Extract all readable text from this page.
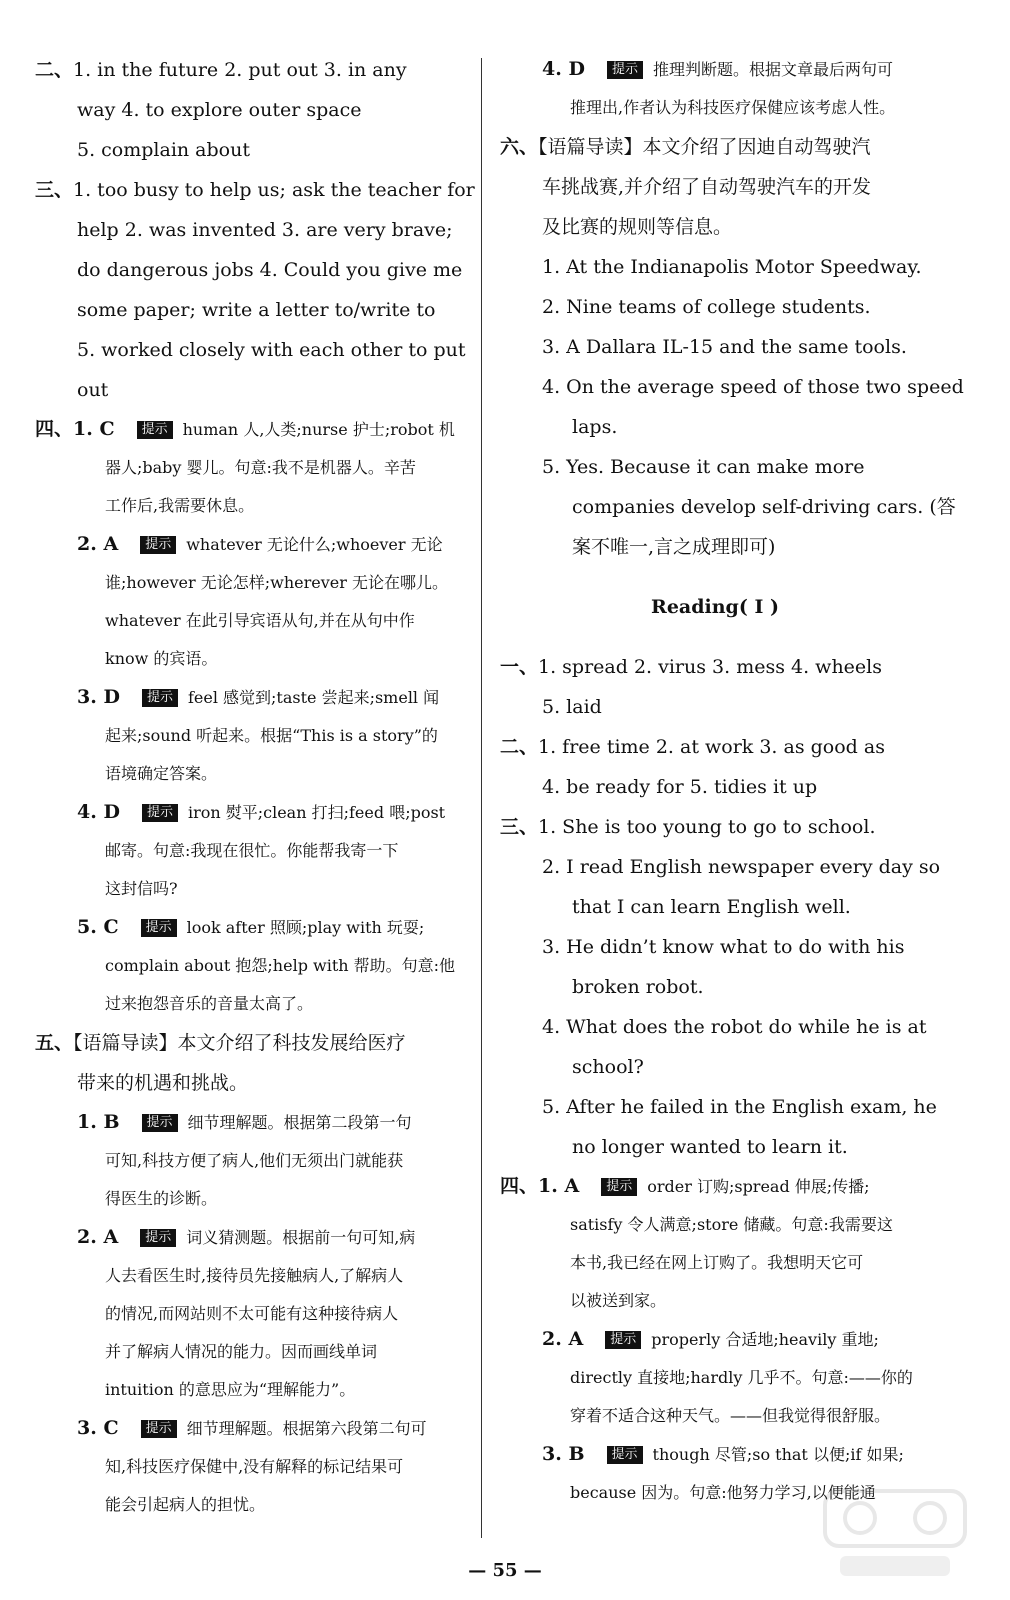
二、1. in the future 2. put out 3. in any
way 4. to explore outer space
5. complain about
三、1. too busy to help us; ask the teacher for
help 2. was invented 3. are very brave;
do dangerous jobs 4. Could you give me
some paper; write a letter to/write to
5. worked closely with each other to put
out
四、1. C 提示 human 人,人类;nurse 护士;robot 机
器人;baby 婴儿。句意:我不是机器人。辛苦
工作后,我需要休息。
2. A 提示 whatever 无论什么;whoever 无论
谁;however 无论怎样;wherever 无论在哪儿。
whatever 在此引导宾语从句,并在从句中作
know 的宾语。
3. D 提示 feel 感觉到;taste 尝起来;smell 闻
起来;sound 听起来。根据“This is a story”的
语境确定答案。
4. D 提示 iron 熨平;clean 打扫;feed 喂;post
邮寄。句意:我现在很忙。你能帮我寄一下
这封信吗?
5. C 提示 look after 照顾;play with 玩耍;
complain about 抱怨;help with 帮助。句意:他
过来抱怨音乐的音量太高了。
五、【语篇导读】本文介绍了科技发展给医疗
带来的机遇和挑战。
1. B 提示 细节理解题。根据第二段第一句
可知,科技方便了病人,他们无须出门就能获
得医生的诊断。
2. A 提示 词义猜测题。根据前一句可知,病
人去看医生时,接待员先接触病人,了解病人
的情况,而网站则不太可能有这种接待病人
并了解病人情况的能力。因而画线单词
intuition 的意思应为“理解能力”。
3. C 提示 细节理解题。根据第六段第二句可
知,科技医疗保健中,没有解释的标记结果可
能会引起病人的担忧。
4. D 提示 推理判断题。根据文章最后两句可
推理出,作者认为科技医疗保健应该考虑人性。
六、【语篇导读】本文介绍了因迪自动驾驶汽
车挑战赛,并介绍了自动驾驶汽车的开发
及比赛的规则等信息。
1. At the Indianapolis Motor Speedway.
2. Nine teams of college students.
3. A Dallara IL-15 and the same tools.
4. On the average speed of those two speed
laps.
5. Yes. Because it can make more
companies develop self-driving cars. (答
案不唯一,言之成理即可)
Reading( Ⅰ )
一、1. spread 2. virus 3. mess 4. wheels
5. laid
二、1. free time 2. at work 3. as good as
4. be ready for 5. tidies it up
三、1. She is too young to go to school.
2. I read English newspaper every day so
that I can learn English well.
3. He didn’t know what to do with his
broken robot.
4. What does the robot do while he is at
school?
5. After he failed in the English exam, he
no longer wanted to learn it.
四、1. A 提示 order 订购;spread 伸展;传播;
satisfy 令人满意;store 储藏。句意:我需要这
本书,我已经在网上订购了。我想明天它可
以被送到家。
2. A 提示 properly 合适地;heavily 重地;
directly 直接地;hardly 几乎不。句意:——你的
穿着不适合这种天气。——但我觉得很舒服。
3. B 提示 though 尽管;so that 以便;if 如果;
because 因为。句意:他努力学习,以便能通
— 55 —
